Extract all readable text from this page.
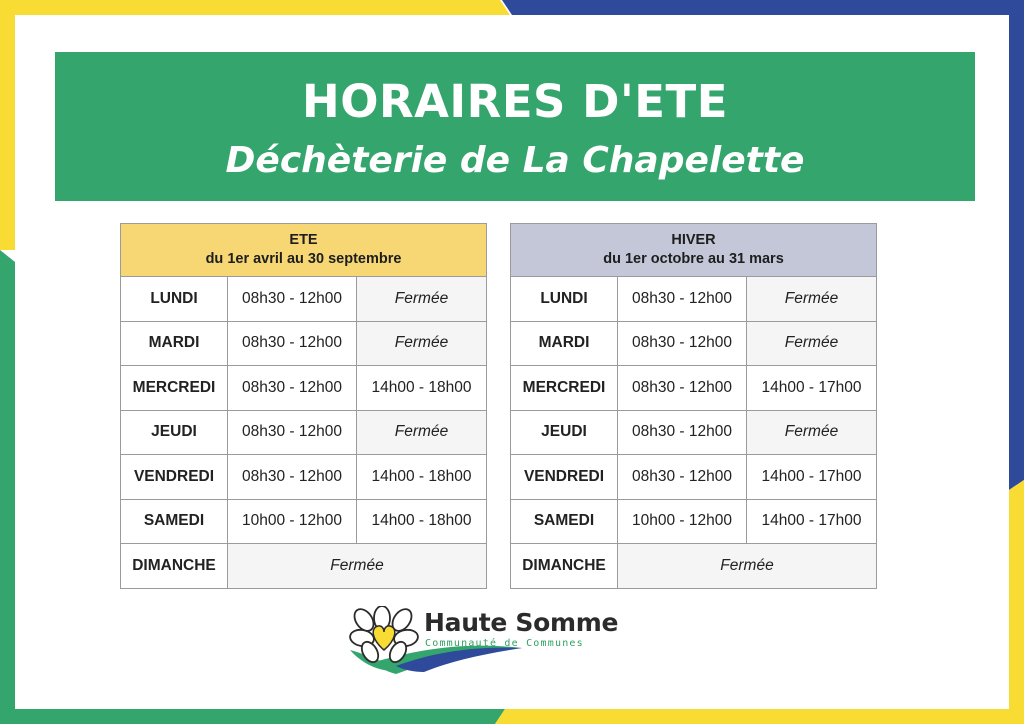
HORAIRES D'ETE
Déchèterie de La Chapelette
ETE
du 1er avril au 30 septembre		
LUNDI	08h30 - 12h00	Fermée
MARDI	08h30 - 12h00	Fermée
MERCREDI	08h30 - 12h00	14h00 - 18h00
JEUDI	08h30 - 12h00	Fermée
VENDREDI	08h30 - 12h00	14h00 - 18h00
SAMEDI	10h00 - 12h00	14h00 - 18h00
DIMANCHE	Fermée	
HIVER
du 1er octobre au 31 mars		
LUNDI	08h30 - 12h00	Fermée
MARDI	08h30 - 12h00	Fermée
MERCREDI	08h30 - 12h00	14h00 - 17h00
JEUDI	08h30 - 12h00	Fermée
VENDREDI	08h30 - 12h00	14h00 - 17h00
SAMEDI	10h00 - 12h00	14h00 - 17h00
DIMANCHE	Fermée	
Haute Somme
Communauté de Communes
